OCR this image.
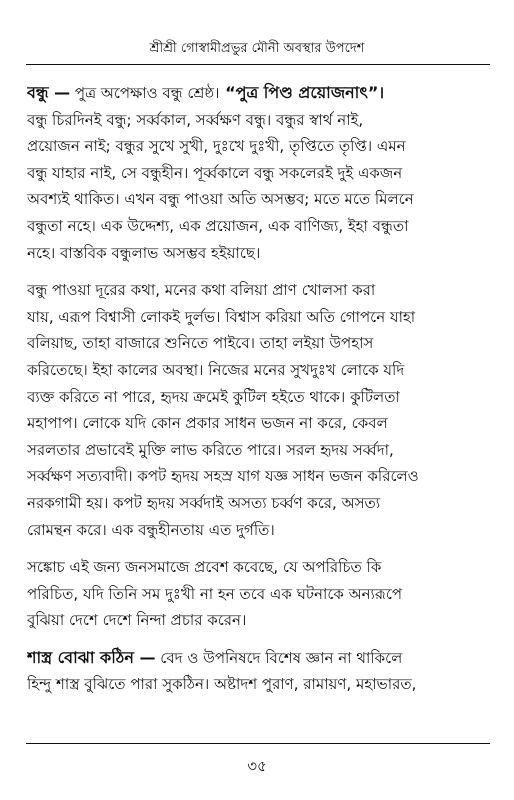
শ্রীশ্রী গোস্বামীপ্রভুর মৌনী অবস্থার উপদেশ
বন্ধু — পুত্র অপেক্ষাও বন্ধু শ্রেষ্ঠ। “পুত্র পিণ্ড প্রয়োজনাৎ”।
বন্ধু চিরদিনই বন্ধু; সর্ব্বকাল, সর্ব্বক্ষণ বন্ধু। বন্ধুর স্বার্থ নাই,
প্রয়োজন নাই; বন্ধুর সুখে সুখী, দুঃখে দুঃখী, তৃপ্তিতে তৃপ্তি। এমন
বন্ধু যাহার নাই, সে বন্ধুহীন। পূর্ব্বকালে বন্ধু সকলেরই দুই একজন
অবশ্যই থাকিত। এখন বন্ধু পাওয়া অতি অসম্ভব; মতে মতে মিলনে
বন্ধুতা নহে। এক উদ্দেশ্য, এক প্রয়োজন, এক বাণিজ্য, ইহা বন্ধুতা
নহে। বাস্তবিক বন্ধুলাভ অসম্ভব হইয়াছে।
বন্ধু পাওয়া দূরের কথা, মনের কথা বলিয়া প্রাণ খোলসা করা
যায়, এরূপ বিশ্বাসী লোকই দুর্লভ। বিশ্বাস করিয়া অতি গোপনে যাহা
বলিয়াছ, তাহা বাজারে শুনিতে পাইবে। তাহা লইয়া উপহাস
করিতেছে। ইহা কালের অবস্থা। নিজের মনের সুখদুঃখ লোকে যদি
ব্যক্ত করিতে না পারে, হৃদয় ক্রমেই কুটিল হইতে থাকে। কুটিলতা
মহাপাপ। লোকে যদি কোন প্রকার সাধন ভজন না করে, কেবল
সরলতার প্রভাবেই মুক্তি লাভ করিতে পারে। সরল হৃদয় সর্ব্বদা,
সর্ব্বক্ষণ সত্যবাদী। কপট হৃদয় সহস্র যাগ যজ্ঞ সাধন ভজন করিলেও
নরকগামী হয়। কপট হৃদয় সর্ব্বদাই অসত্য চর্ব্বণ করে, অসত্য
রোমন্থন করে। এক বন্ধুহীনতায় এত দুর্গতি।
সঙ্কোচ এই জন্য জনসমাজে প্রবেশ কবেছে, যে অপরিচিত কি
পরিচিত, যদি তিনি সম দুঃখী না হন তবে এক ঘটনাকে অন্যরূপে
বুঝিয়া দেশে দেশে নিন্দা প্রচার করেন।
শাস্ত্র বোঝা কঠিন — বেদ ও উপনিষদে বিশেষ জ্ঞান না থাকিলে
হিন্দু শাস্ত্র বুঝিতে পারা সুকঠিন। অষ্টাদশ পুরাণ, রামায়ণ, মহাভারত,
৩৫
